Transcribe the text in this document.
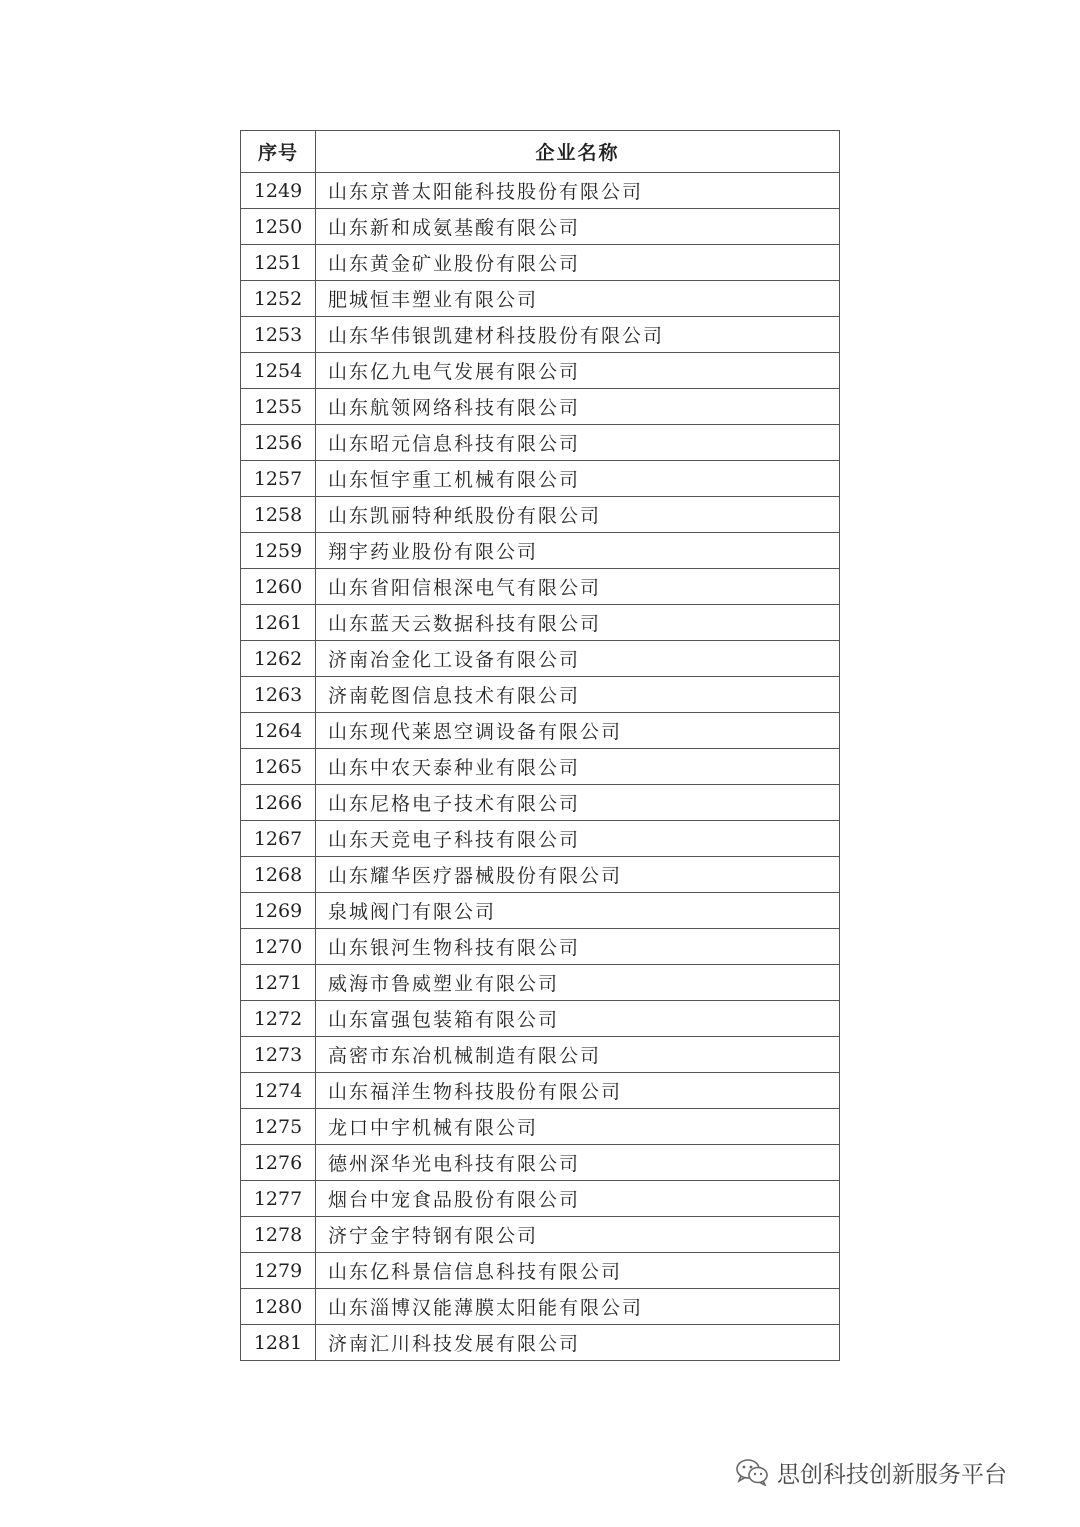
序号	企业名称
1249	山东京普太阳能科技股份有限公司
1250	山东新和成氨基酸有限公司
1251	山东黄金矿业股份有限公司
1252	肥城恒丰塑业有限公司
1253	山东华伟银凯建材科技股份有限公司
1254	山东亿九电气发展有限公司
1255	山东航领网络科技有限公司
1256	山东昭元信息科技有限公司
1257	山东恒宇重工机械有限公司
1258	山东凯丽特种纸股份有限公司
1259	翔宇药业股份有限公司
1260	山东省阳信根深电气有限公司
1261	山东蓝天云数据科技有限公司
1262	济南冶金化工设备有限公司
1263	济南乾图信息技术有限公司
1264	山东现代莱恩空调设备有限公司
1265	山东中农天泰种业有限公司
1266	山东尼格电子技术有限公司
1267	山东天竞电子科技有限公司
1268	山东耀华医疗器械股份有限公司
1269	泉城阀门有限公司
1270	山东银河生物科技有限公司
1271	威海市鲁威塑业有限公司
1272	山东富强包装箱有限公司
1273	高密市东冶机械制造有限公司
1274	山东福洋生物科技股份有限公司
1275	龙口中宇机械有限公司
1276	德州深华光电科技有限公司
1277	烟台中宠食品股份有限公司
1278	济宁金宇特钢有限公司
1279	山东亿科景信信息科技有限公司
1280	山东淄博汉能薄膜太阳能有限公司
1281	济南汇川科技发展有限公司
思创科技创新服务平台
